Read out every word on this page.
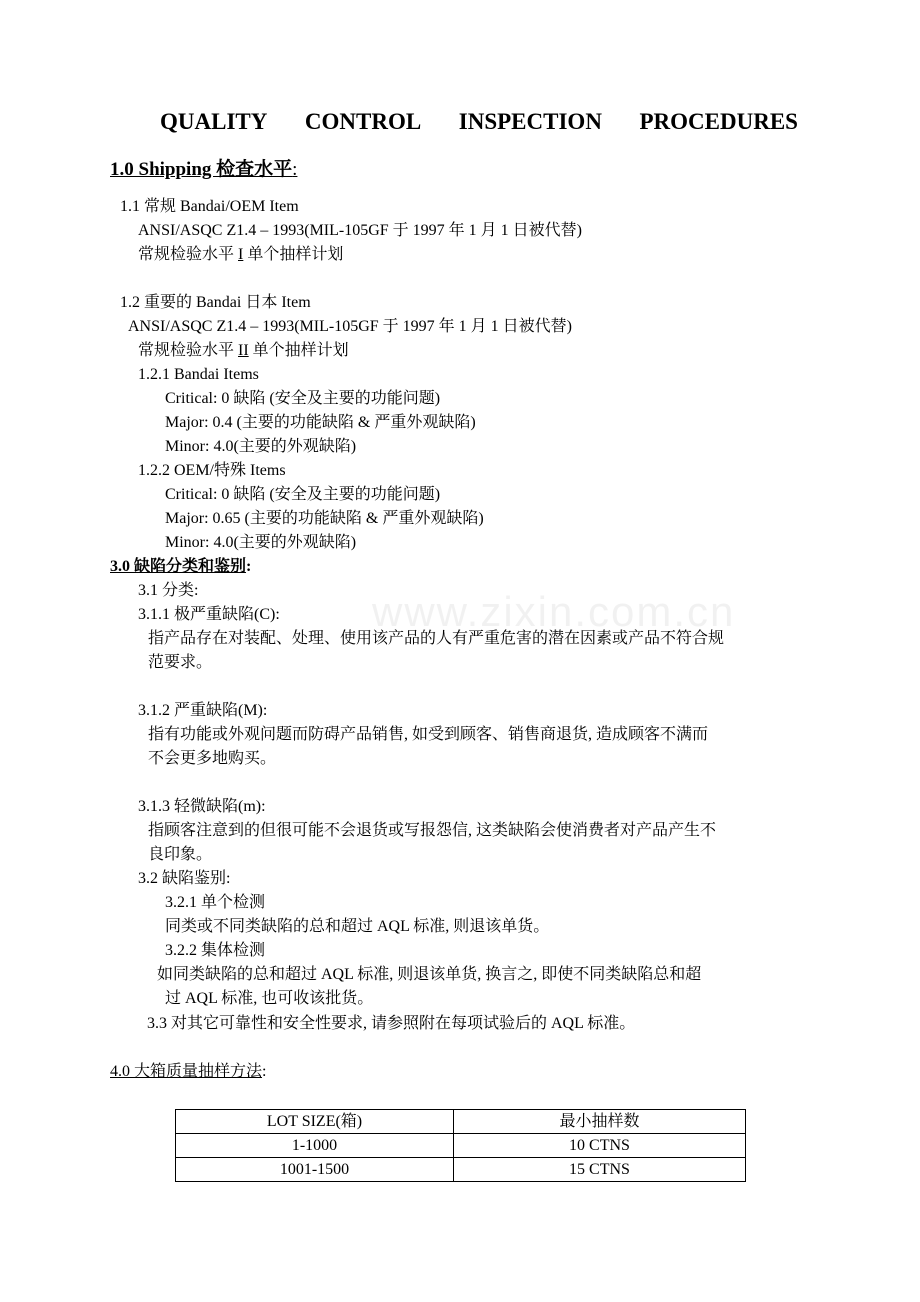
www.zixin.com.cn
QUALITY CONTROL INSPECTION PROCEDURES
1.0 Shipping 检查水平:
1.1 常规 Bandai/OEM Item
ANSI/ASQC Z1.4 – 1993(MIL-105GF 于 1997 年 1 月 1 日被代替)
常规检验水平 I 单个抽样计划
1.2 重要的 Bandai 日本 Item
ANSI/ASQC Z1.4 – 1993(MIL-105GF 于 1997 年 1 月 1 日被代替)
常规检验水平 II 单个抽样计划
1.2.1 Bandai Items
Critical: 0 缺陷 (安全及主要的功能问题)
Major: 0.4 (主要的功能缺陷 & 严重外观缺陷)
Minor: 4.0(主要的外观缺陷)
1.2.2 OEM/特殊 Items
Critical: 0 缺陷 (安全及主要的功能问题)
Major: 0.65 (主要的功能缺陷 & 严重外观缺陷)
Minor: 4.0(主要的外观缺陷)
3.0 缺陷分类和鉴别:
3.1 分类:
3.1.1 极严重缺陷(C):
指产品存在对装配、处理、使用该产品的人有严重危害的潜在因素或产品不符合规
范要求。
3.1.2 严重缺陷(M):
指有功能或外观问题而防碍产品销售, 如受到顾客、销售商退货, 造成顾客不满而
不会更多地购买。
3.1.3 轻微缺陷(m):
指顾客注意到的但很可能不会退货或写报怨信, 这类缺陷会使消费者对产品产生不
良印象。
3.2 缺陷鉴别:
3.2.1 单个检测
同类或不同类缺陷的总和超过 AQL 标准, 则退该单货。
3.2.2 集体检测
如同类缺陷的总和超过 AQL 标准, 则退该单货, 换言之, 即使不同类缺陷总和超
过 AQL 标准, 也可收该批货。
3.3 对其它可靠性和安全性要求, 请参照附在每项试验后的 AQL 标准。
4.0 大箱质量抽样方法:
LOT SIZE(箱)	最小抽样数
1-1000	10 CTNS
1001-1500	15 CTNS
